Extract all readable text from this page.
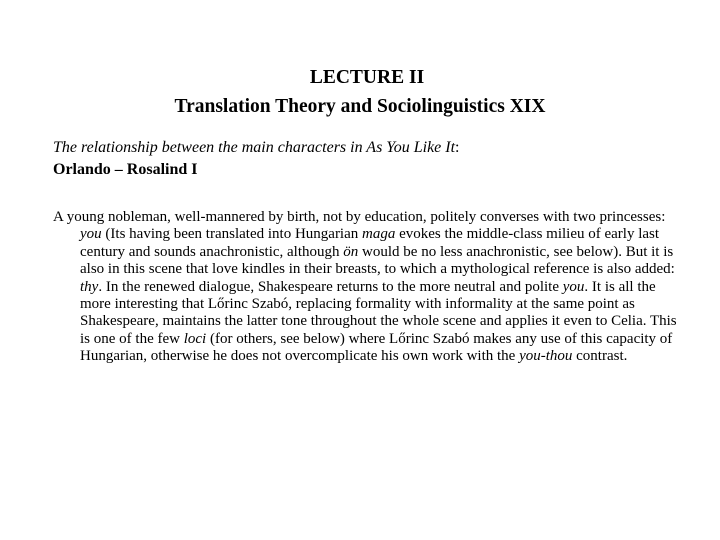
LECTURE II
Translation Theory and Sociolinguistics XIX
The relationship between the main characters in As You Like It:
Orlando – Rosalind I

A young nobleman, well-mannered by birth, not by education, politely converses with two princesses: you (Its having been translated into Hungarian maga evokes the middle-class milieu of early last century and sounds anachronistic, although ön would be no less anachronistic, see below). But it is also in this scene that love kindles in their breasts, to which a mythological reference is also added: thy. In the renewed dialogue, Shakespeare returns to the more neutral and polite you. It is all the more interesting that Lőrinc Szabó, replacing formality with informality at the same point as Shakespeare, maintains the latter tone throughout the whole scene and applies it even to Celia. This is one of the few loci (for others, see below) where Lőrinc Szabó makes any use of this capacity of Hungarian, otherwise he does not overcomplicate his own work with the you-thou contrast.
